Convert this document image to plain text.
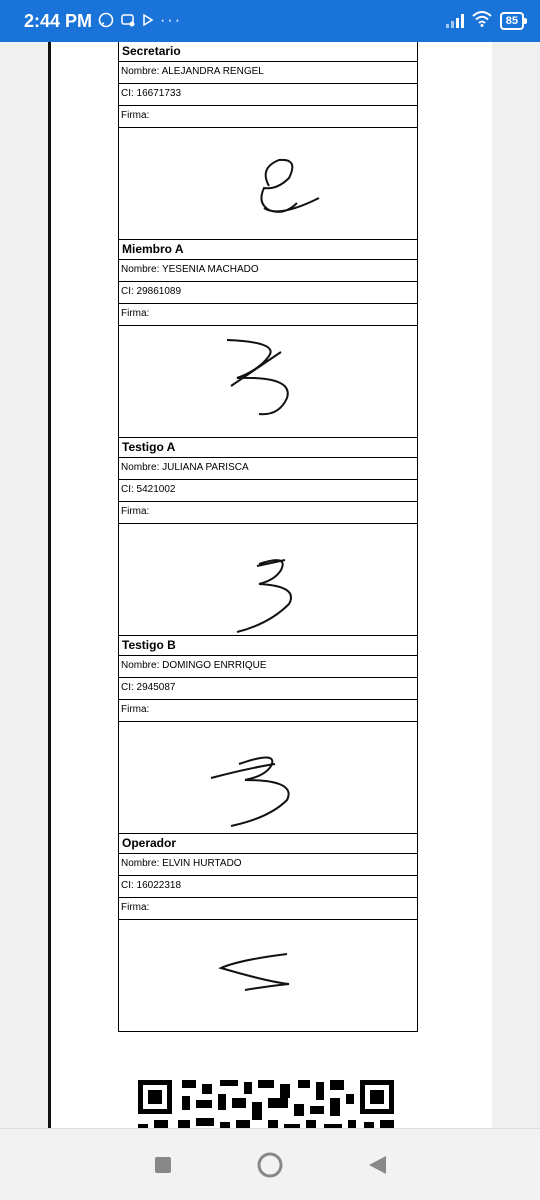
2:44 PM	···	85
Secretario
Nombre: ALEJANDRA RENGEL
CI: 16671733
Firma:
Miembro A
Nombre: YESENIA MACHADO
CI: 29861089
Firma:
Testigo A
Nombre: JULIANA PARISCA
CI: 5421002
Firma:
Testigo B
Nombre: DOMINGO ENRRIQUE
CI: 2945087
Firma:
Operador
Nombre: ELVIN HURTADO
CI: 16022318
Firma:
